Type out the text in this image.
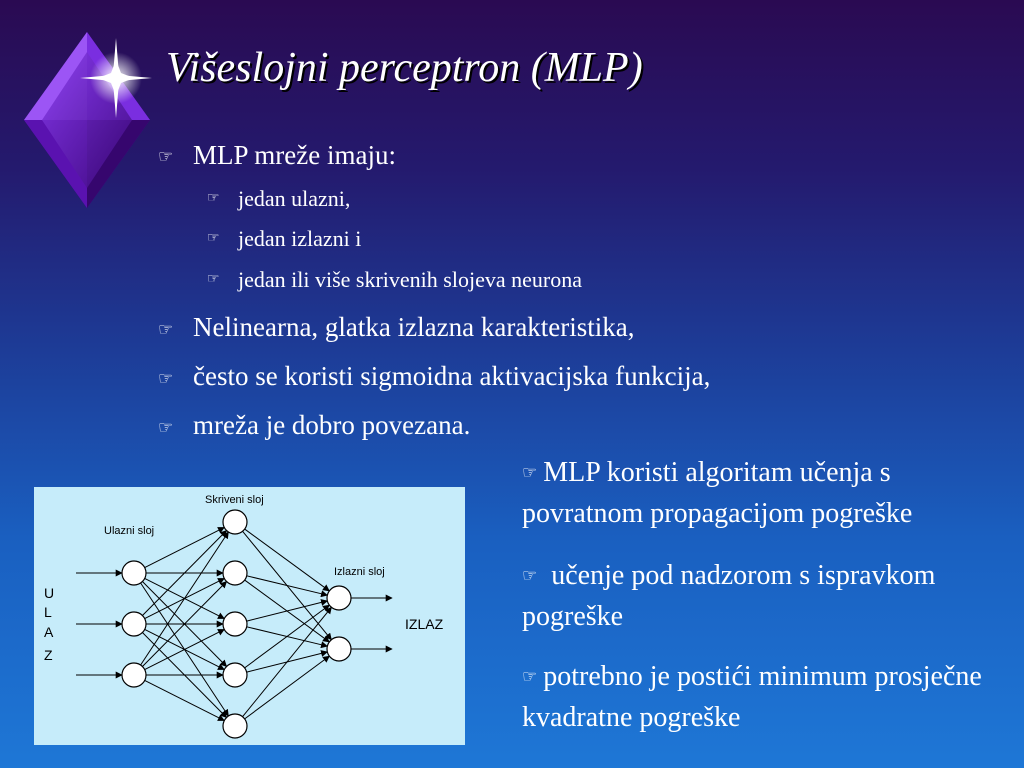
Višeslojni perceptron (MLP)
☞ MLP mreže imaju:
☞ jedan ulazni,
☞ jedan izlazni i
☞ jedan ili više skrivenih slojeva neurona
☞ Nelinearna, glatka izlazna karakteristika,
☞ često se koristi sigmoidna aktivacijska funkcija,
☞ mreža je dobro povezana.
☞ MLP koristi algoritam učenja s povratnom propagacijom pogreške
☞ učenje pod nadzorom s ispravkom pogreške
☞ potrebno je postići minimum prosječne kvadratne pogreške
Ulazni sloj
Skriveni sloj
Izlazni sloj
U
L
A
Z
IZLAZ
